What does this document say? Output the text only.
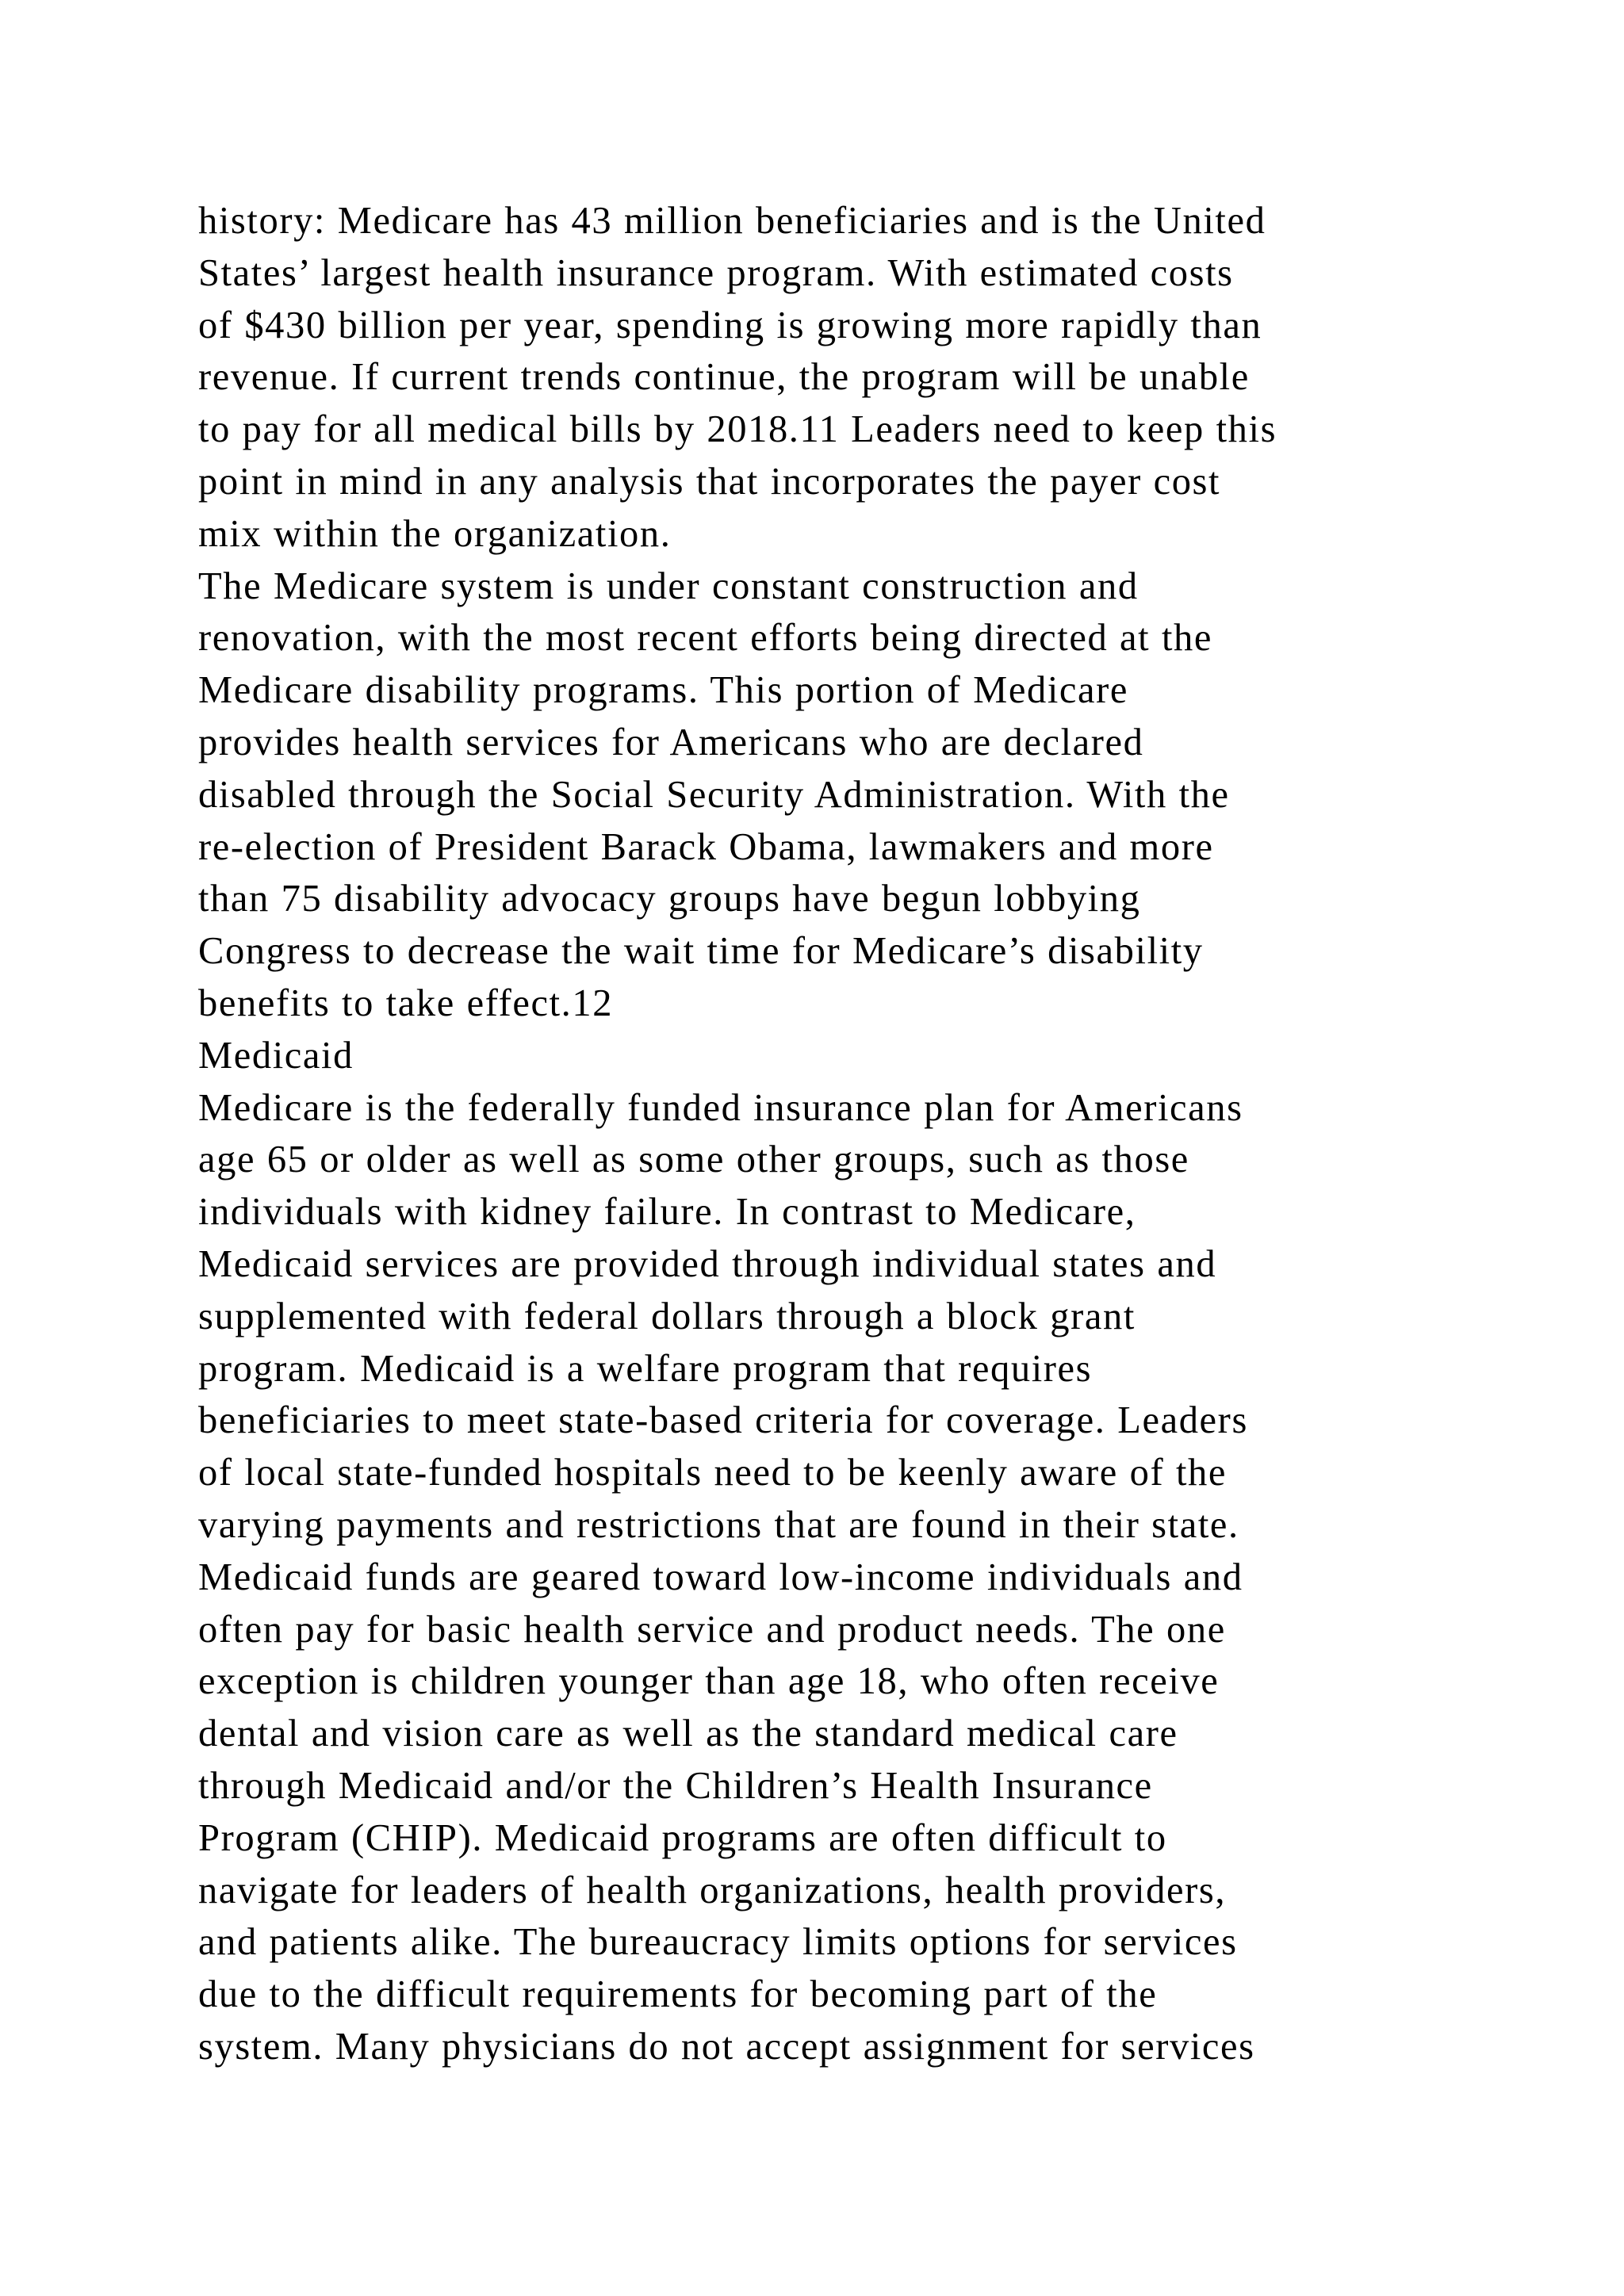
history: Medicare has 43 million beneficiaries and is the United
States’ largest health insurance program. With estimated costs
of $430 billion per year, spending is growing more rapidly than
revenue. If current trends continue, the program will be unable
to pay for all medical bills by 2018.11 Leaders need to keep this
point in mind in any analysis that incorporates the payer cost
mix within the organization.
The Medicare system is under constant construction and
renovation, with the most recent efforts being directed at the
Medicare disability programs. This portion of Medicare
provides health services for Americans who are declared
disabled through the Social Security Administration. With the
re-election of President Barack Obama, lawmakers and more
than 75 disability advocacy groups have begun lobbying
Congress to decrease the wait time for Medicare’s disability
benefits to take effect.12
Medicaid
Medicare is the federally funded insurance plan for Americans
age 65 or older as well as some other groups, such as those
individuals with kidney failure. In contrast to Medicare,
Medicaid services are provided through individual states and
supplemented with federal dollars through a block grant
program. Medicaid is a welfare program that requires
beneficiaries to meet state-based criteria for coverage. Leaders
of local state-funded hospitals need to be keenly aware of the
varying payments and restrictions that are found in their state.
Medicaid funds are geared toward low-income individuals and
often pay for basic health service and product needs. The one
exception is children younger than age 18, who often receive
dental and vision care as well as the standard medical care
through Medicaid and/or the Children’s Health Insurance
Program (CHIP). Medicaid programs are often difficult to
navigate for leaders of health organizations, health providers,
and patients alike. The bureaucracy limits options for services
due to the difficult requirements for becoming part of the
system. Many physicians do not accept assignment for services
